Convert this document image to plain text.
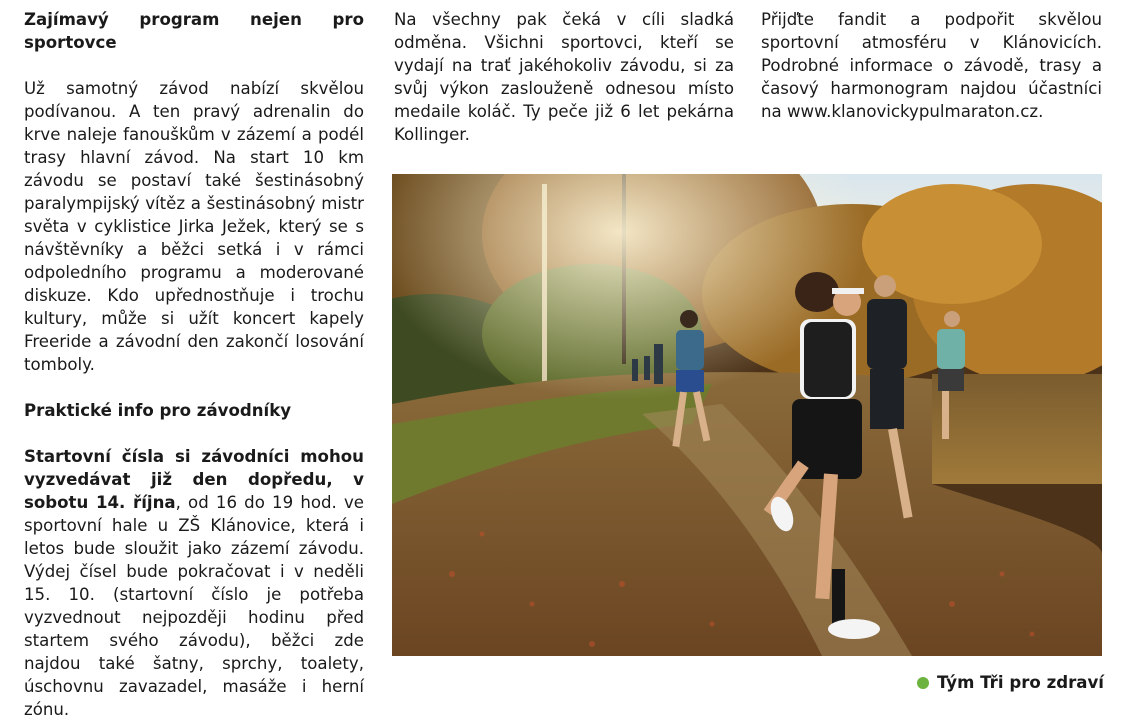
Zajímavý program nejen pro sportovce

Už samotný závod nabízí skvělou podívanou. A ten pravý adrenalin do krve naleje fanouškům v zázemí a podél trasy hlavní závod. Na start 10 km závodu se postaví také šestinásobný paralympijský vítěz a šestinásobný mistr světa v cyklistice Jirka Ježek, který se s návštěvníky a běžci setká i v rámci odpoledního programu a moderované diskuze. Kdo upřednostňuje i trochu kultury, může si užít koncert kapely Freeride a závodní den zakončí losování tomboly.

Praktické info pro závodníky

Startovní čísla si závodníci mohou vyzvedávat již den dopředu, v sobotu 14. října, od 16 do 19 hod. ve sportovní hale u ZŠ Klánovice, která i letos bude sloužit jako zázemí závodu. Výdej čísel bude pokračovat i v neděli 15. 10. (startovní číslo je potřeba vyzvednout nejpozději hodinu před startem svého závodu), běžci zde najdou také šatny, sprchy, toalety, úschovnu zavazadel, masáže i herní zónu.

Na všechny pak čeká v cíli sladká odměna. Všichni sportovci, kteří se vydají na trať jakéhokoliv závodu, si za svůj výkon zaslouženě odnesou místo medaile koláč. Ty peče již 6 let pekárna Kollinger.

Přijďte fandit a podpořit skvělou sportovní atmosféru v Klánovicích. Podrobné informace o závodě, trasy a časový harmonogram najdou účastníci na www.klanovickypulmaraton.cz.

Tým Tři pro zdraví
